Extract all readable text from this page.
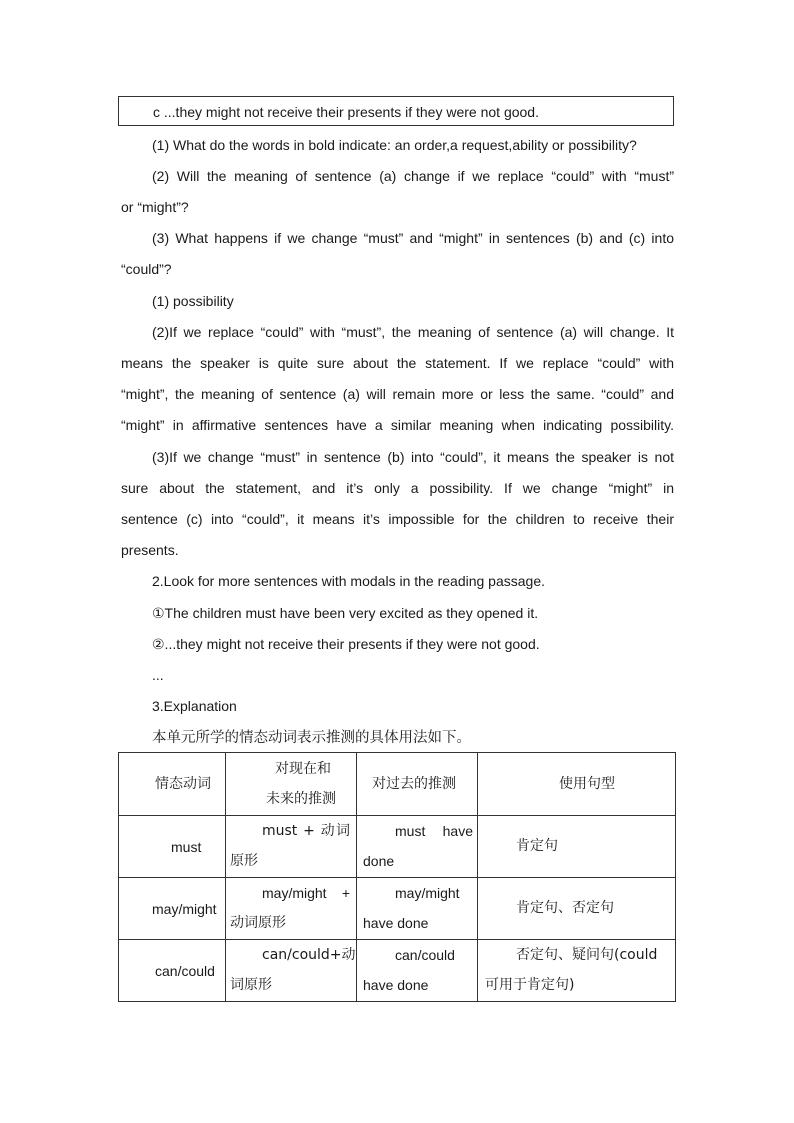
c ...they might not receive their presents if they were not good.
(1) What do the words in bold indicate: an order,a request,ability or possibility?
(2) Will the meaning of sentence (a) change if we replace “could” with “must”
or “might”?
(3) What happens if we change “must” and “might” in sentences (b) and (c) into
“could”?
(1) possibility
(2)If we replace “could” with “must”, the meaning of sentence (a) will change. It
means the speaker is quite sure about the statement. If we replace “could” with
“might”, the meaning of sentence (a) will remain more or less the same. “could” and
“might” in affirmative sentences have a similar meaning when indicating possibility.
(3)If we change “must” in sentence (b) into “could”, it means the speaker is not
sure about the statement, and it’s only a possibility. If we change “might” in
sentence (c) into “could”, it means it’s impossible for the children to receive their
presents.
2.Look for more sentences with modals in the reading passage.
①The children must have been very excited as they opened it.
②...they might not receive their presents if they were not good.
...
3.Explanation
本单元所学的情态动词表示推测的具体用法如下。
情态动词
对现在和
未来的推测
对过去的推测	使用句型
must
must + 动词
原形
must have
done
肯定句
may/might
may/might +
动词原形
may/might
have done
肯定句、否定句
can/could
can/could+动
词原形
can/could
have done
否定句、疑问句(could
可用于肯定句)
